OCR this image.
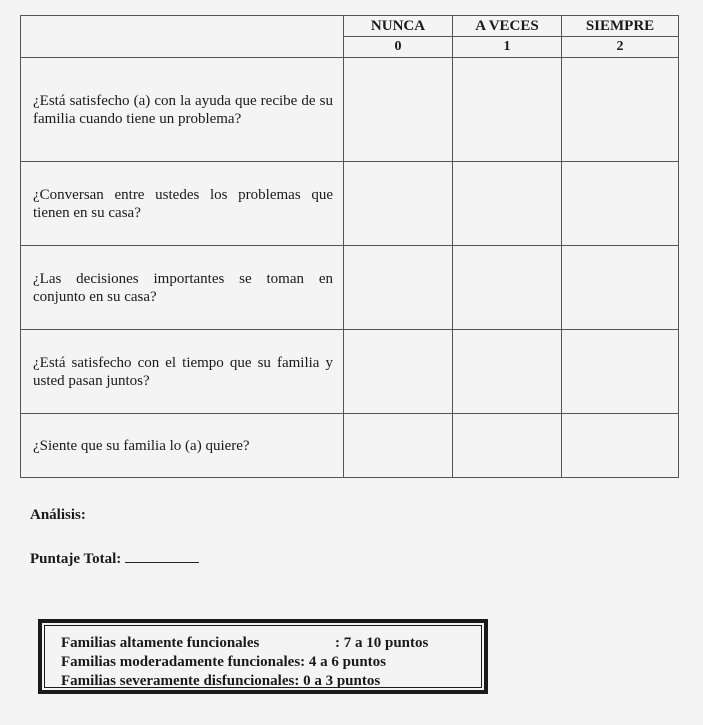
	NUNCA	A VECES	SIEMPRE
	0	1	2
¿Está satisfecho (a) con la ayuda que recibe de su familia cuando tiene un problema?			
¿Conversan entre ustedes los problemas que tienen en su casa?			
¿Las decisiones importantes se toman en conjunto en su casa?			
¿Está satisfecho con el tiempo que su familia y usted pasan juntos?			
¿Siente que su familia lo (a) quiere?			
Análisis:
Puntaje Total:
Familias altamente funcionales	: 7 a 10 puntos
Familias moderadamente funcionales: 4 a 6 puntos
Familias severamente disfuncionales: 0 a 3 puntos
